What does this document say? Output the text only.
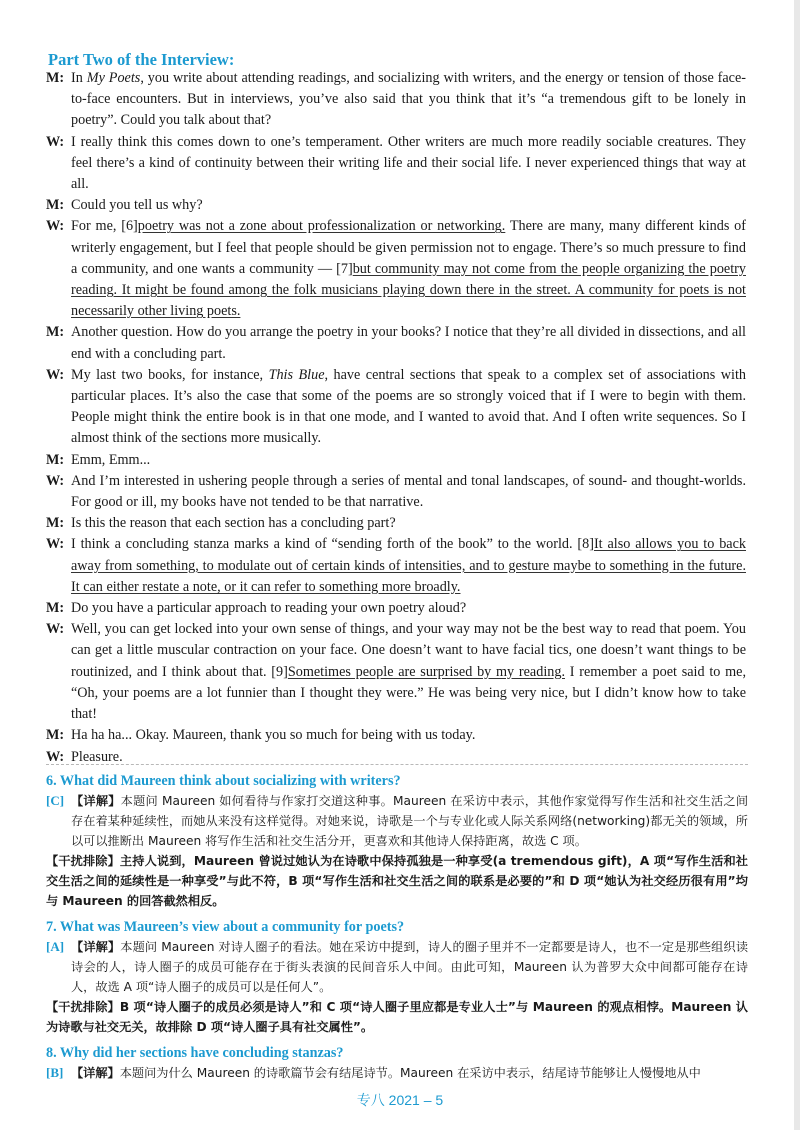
Part Two of the Interview:
M: In My Poets, you write about attending readings, and socializing with writers, and the energy or tension of those face-to-face encounters. But in interviews, you’ve also said that you think that it’s “a tremendous gift to be lonely in poetry”. Could you talk about that?
W: I really think this comes down to one’s temperament. Other writers are much more readily sociable creatures. They feel there’s a kind of continuity between their writing life and their social life. I never experienced things that way at all.
M: Could you tell us why?
W: For me, [6]poetry was not a zone about professionalization or networking. There are many, many different kinds of writerly engagement, but I feel that people should be given permission not to engage. There’s so much pressure to find a community, and one wants a community — [7]but community may not come from the people organizing the poetry reading. It might be found among the folk musicians playing down there in the street. A community for poets is not necessarily other living poets.
M: Another question. How do you arrange the poetry in your books? I notice that they’re all divided in dissections, and all end with a concluding part.
W: My last two books, for instance, This Blue, have central sections that speak to a complex set of associations with particular places. It’s also the case that some of the poems are so strongly voiced that if I were to begin with them. People might think the entire book is in that one mode, and I wanted to avoid that. And I often write sequences. So I almost think of the sections more musically.
M: Emm, Emm...
W: And I’m interested in ushering people through a series of mental and tonal landscapes, of sound- and thought-worlds. For good or ill, my books have not tended to be that narrative.
M: Is this the reason that each section has a concluding part?
W: I think a concluding stanza marks a kind of “sending forth of the book” to the world. [8]It also allows you to back away from something, to modulate out of certain kinds of intensities, and to gesture maybe to something in the future. It can either restate a note, or it can refer to something more broadly.
M: Do you have a particular approach to reading your own poetry aloud?
W: Well, you can get locked into your own sense of things, and your way may not be the best way to read that poem. You can get a little muscular contraction on your face. One doesn’t want to have facial tics, one doesn’t want things to be routinized, and I think about that. [9]Sometimes people are surprised by my reading. I remember a poet said to me, “Oh, your poems are a lot funnier than I thought they were.” He was being very nice, but I didn’t know how to take that!
M: Ha ha ha... Okay. Maureen, thank you so much for being with us today.
W: Pleasure.
6. What did Maureen think about socializing with writers?
[C] 【详解】本题问 Maureen 如何看待与作家打交道这种事。Maureen 在采访中表示，其他作家觉得写作生活和社交生活之间存在着某种延续性，而她从来没有这样觉得。对她来说，诗歌是一个与专业化或人际关系网络(networking)都无关的领域，所以可以推断出 Maureen 将写作生活和社交生活分开，更喜欢和其他诗人保持距离，故选 C 项。
【干扰排除】主持人说到，Maureen 曾说过她认为在诗歌中保持孤独是一种享受(a tremendous gift)，A 项“写作生活和社交生活之间的延续性是一种享受”与此不符，B 项“写作生活和社交生活之间的联系是必要的”和 D 项“她认为社交经历很有用”均与 Maureen 的回答截然相反。
7. What was Maureen’s view about a community for poets?
[A] 【详解】本题问 Maureen 对诗人圈子的看法。她在采访中提到，诗人的圈子里并不一定都要是诗人，也不一定是那些组织读诗会的人，诗人圈子的成员可能存在于街头表演的民间音乐人中间。由此可知，Maureen 认为普罗大众中间都可能存在诗人，故选 A 项“诗人圈子的成员可以是任何人”。
【干扰排除】B 项“诗人圈子的成员必须是诗人”和 C 项“诗人圈子里应都是专业人士”与 Maureen 的观点相悖。Maureen 认为诗歌与社交无关，故排除 D 项“诗人圈子具有社交属性”。
8. Why did her sections have concluding stanzas?
[B] 【详解】本题问为什么 Maureen 的诗歌篇节会有结尾诗节。Maureen 在采访中表示，结尾诗节能够让人慢慢地从中
专八 2021 – 5
